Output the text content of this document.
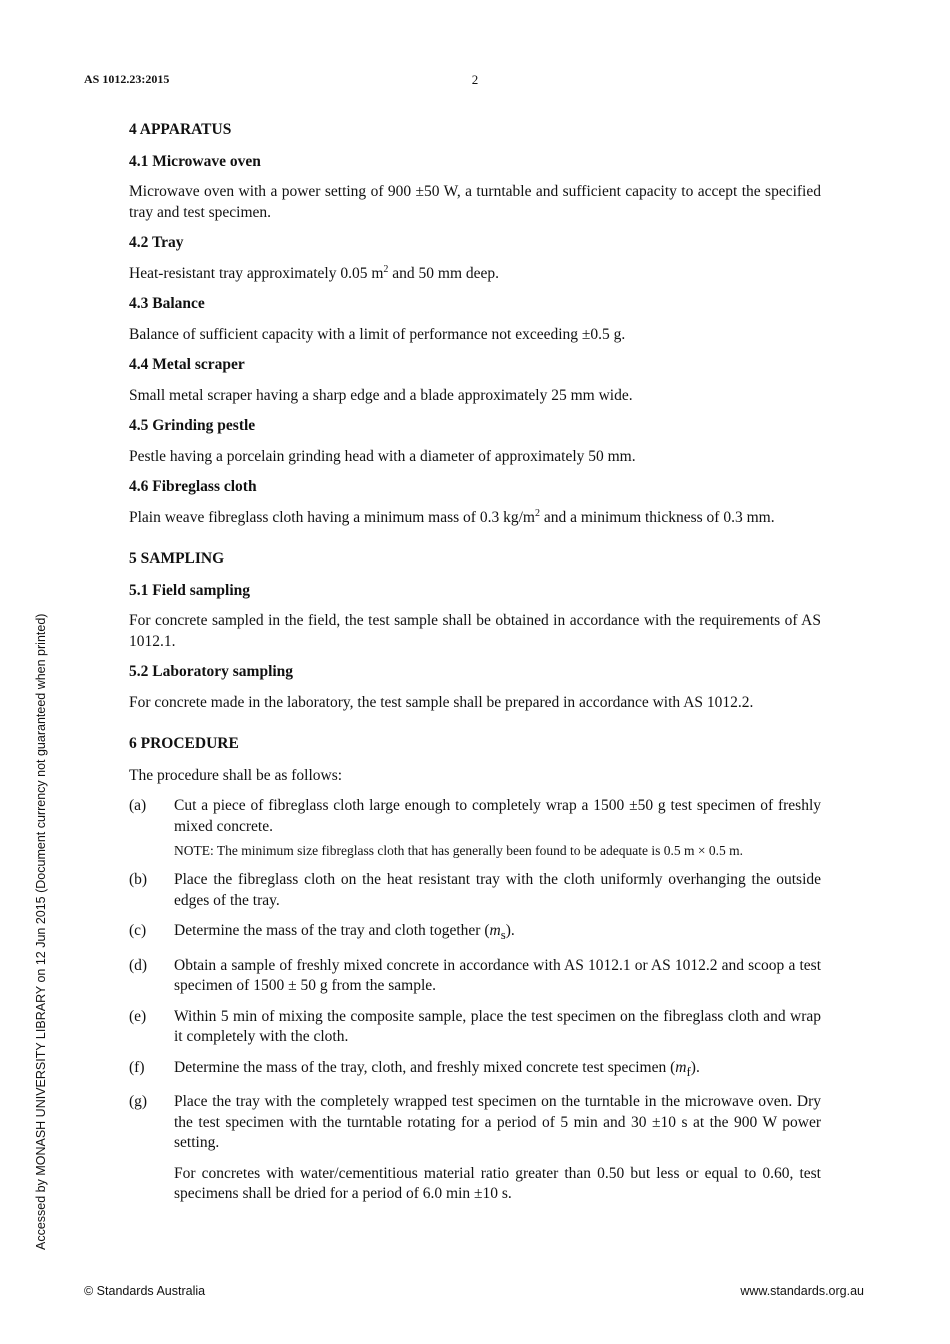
AS 1012.23:2015	2
Accessed by MONASH UNIVERSITY LIBRARY on 12 Jun 2015 (Document currency not guaranteed when printed)
4 APPARATUS
4.1 Microwave oven
Microwave oven with a power setting of 900 ±50 W, a turntable and sufficient capacity to accept the specified tray and test specimen.
4.2 Tray
Heat-resistant tray approximately 0.05 $m^2$ and 50 mm deep.
4.3 Balance
Balance of sufficient capacity with a limit of performance not exceeding ±0.5 g.
4.4 Metal scraper
Small metal scraper having a sharp edge and a blade approximately 25 mm wide.
4.5 Grinding pestle
Pestle having a porcelain grinding head with a diameter of approximately 50 mm.
4.6 Fibreglass cloth
Plain weave fibreglass cloth having a minimum mass of 0.3 $kg/m^2$ and a minimum thickness of 0.3 mm.
5 SAMPLING
5.1 Field sampling
For concrete sampled in the field, the test sample shall be obtained in accordance with the requirements of AS 1012.1.
5.2 Laboratory sampling
For concrete made in the laboratory, the test sample shall be prepared in accordance with AS 1012.2.
6 PROCEDURE
The procedure shall be as follows:
(a)	Cut a piece of fibreglass cloth large enough to completely wrap a 1500 ±50 g test specimen of freshly mixed concrete.
NOTE: The minimum size fibreglass cloth that has generally been found to be adequate is 0.5 m × 0.5 m.
(b)	Place the fibreglass cloth on the heat resistant tray with the cloth uniformly overhanging the outside edges of the tray.
(c)	Determine the mass of the tray and cloth together $(m_s)$.
(d)	Obtain a sample of freshly mixed concrete in accordance with AS 1012.1 or AS 1012.2 and scoop a test specimen of 1500 ± 50 g from the sample.
(e)	Within 5 min of mixing the composite sample, place the test specimen on the fibreglass cloth and wrap it completely with the cloth.
(f)	Determine the mass of the tray, cloth, and freshly mixed concrete test specimen $(m_f)$.
(g)	Place the tray with the completely wrapped test specimen on the turntable in the microwave oven. Dry the test specimen with the turntable rotating for a period of 5 min and 30 ±10 s at the 900 W power setting.
For concretes with water/cementitious material ratio greater than 0.50 but less or equal to 0.60, test specimens shall be dried for a period of 6.0 min ±10 s.
© Standards Australia	www.standards.org.au
